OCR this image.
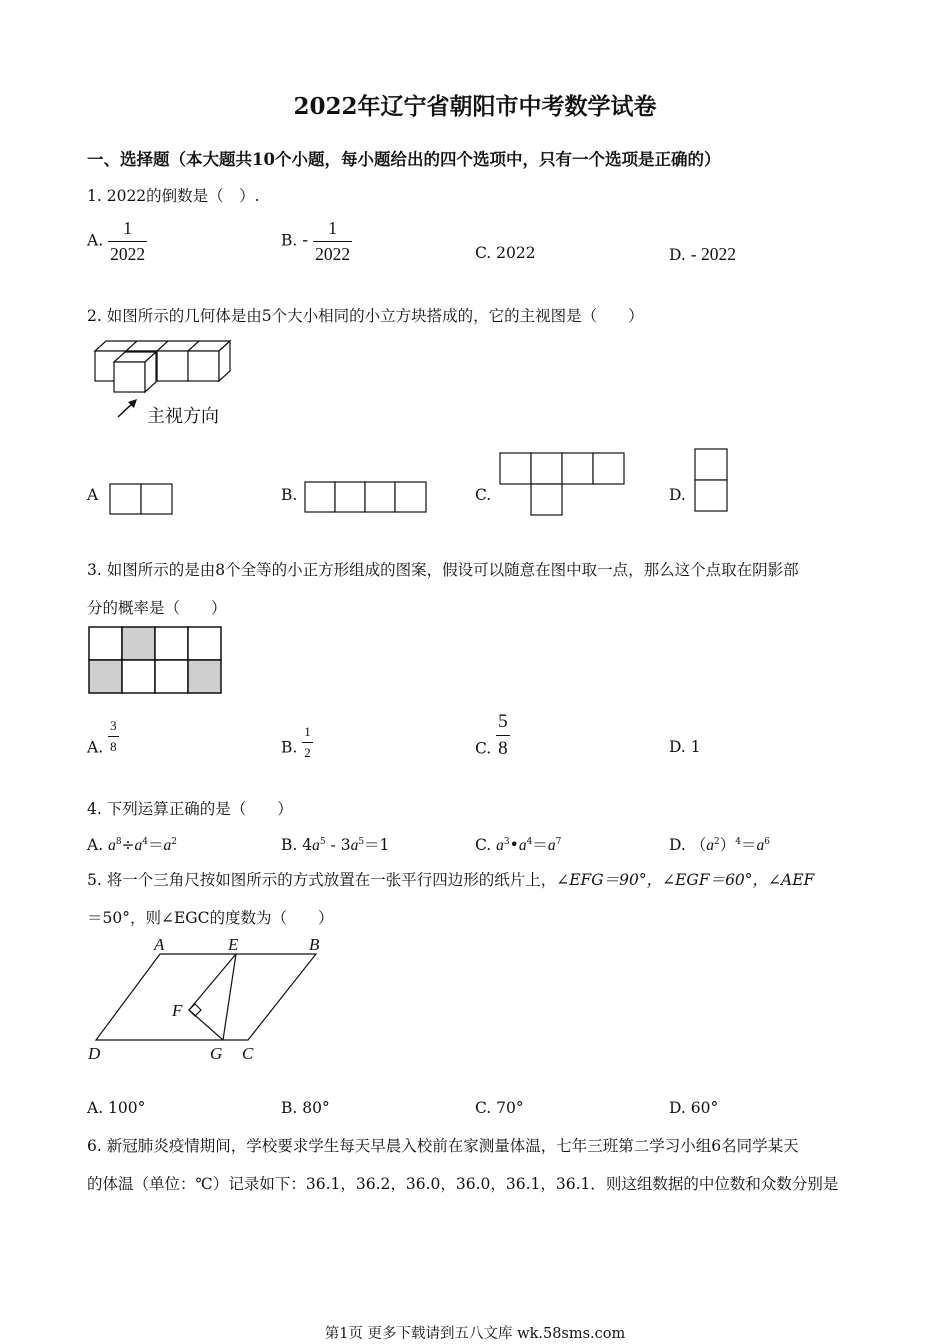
2022年辽宁省朝阳市中考数学试卷
一、选择题（本大题共10个小题，每小题给出的四个选项中，只有一个选项是正确的）
1. 2022的倒数是（　）.
A. $\frac{1}{2022}$	B. - $\frac{1}{2022}$	C. 2022	D. - 2022
2. 如图所示的几何体是由5个大小相同的小立方块搭成的，它的主视图是（　　）
主视方向
A	B.	C.	D.
3. 如图所示的是由8个全等的小正方形组成的图案，假设可以随意在图中取一点，那么这个点取在阴影部
分的概率是（　　）
A. $\frac{3}{8}$	B. $\frac{1}{2}$	C. $\frac{5}{8}$	D. 1
4. 下列运算正确的是（　　）
A. $a^8\div a^4=a^2$	B. $4a^5 - 3a^5=1$	C. $a^3•a^4=a^7$	D. $(a^2)^4=a^6$
5. 将一个三角尺按如图所示的方式放置在一张平行四边形的纸片上，∠EFG＝90°，∠EGF＝60°，∠AEF
＝50°，则∠EGC的度数为（　　）
A	E	B
F
D	G C
A. 100°	B. 80°	C. 70°	D. 60°
6. 新冠肺炎疫情期间，学校要求学生每天早晨入校前在家测量体温，七年三班第二学习小组6名同学某天
的体温（单位：℃）记录如下：36.1，36.2，36.0，36.0，36.1，36.1．则这组数据的中位数和众数分别是
第1页 更多下载请到五八文库 wk.58sms.com
